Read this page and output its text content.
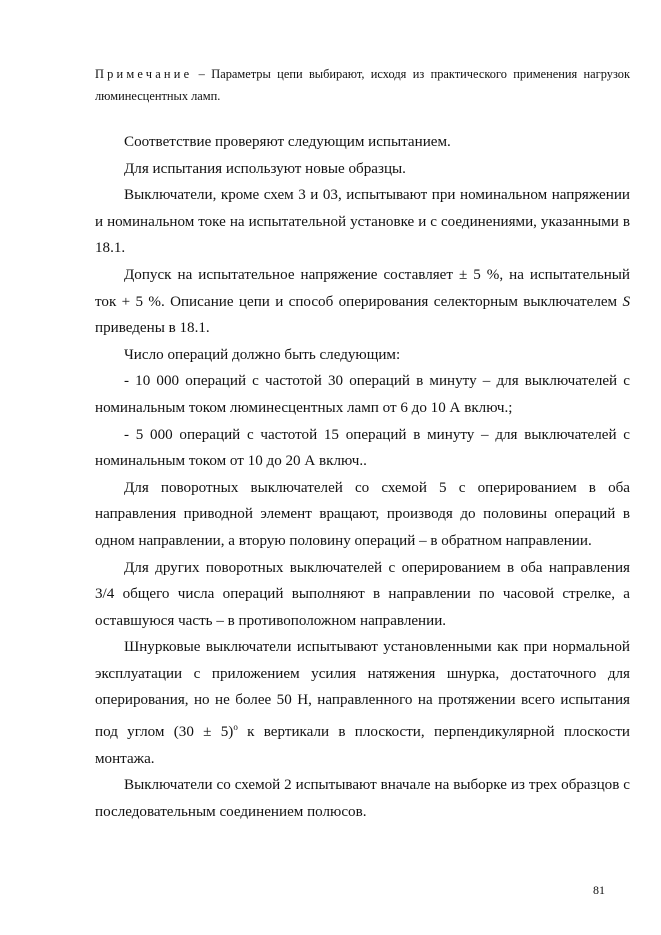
Примечание – Параметры цепи выбирают, исходя из практического применения нагрузок люминесцентных ламп.

Соответствие проверяют следующим испытанием.

Для испытания используют новые образцы.

Выключатели, кроме схем 3 и 03, испытывают при номинальном напряжении и номинальном токе на испытательной установке и с соединениями, указанными в 18.1.

Допуск на испытательное напряжение составляет ± 5 %, на испытательный ток + 5 %. Описание цепи и способ оперирования селекторным выключателем S приведены в 18.1.

Число операций должно быть следующим:

- 10 000 операций с частотой 30 операций в минуту – для выключателей с номинальным током люминесцентных ламп от 6 до 10 А включ.;

- 5 000 операций с частотой 15 операций в минуту – для выключателей с номинальным током от 10 до 20 А включ..

Для поворотных выключателей со схемой 5 с оперированием в оба направления приводной элемент вращают, производя до половины операций в одном направлении, а вторую половину операций – в обратном направлении.

Для других поворотных выключателей с оперированием в оба направления 3/4 общего числа операций выполняют в направлении по часовой стрелке, а оставшуюся часть – в противоположном направлении.

Шнурковые выключатели испытывают установленными как при нормальной эксплуатации с приложением усилия натяжения шнурка, достаточного для оперирования, но не более 50 Н, направленного на протяжении всего испытания под углом $(30 \pm 5)^o$ к вертикали в плоскости, перпендикулярной плоскости монтажа.

Выключатели со схемой 2 испытывают вначале на выборке из трех образцов с последовательным соединением полюсов.

81
